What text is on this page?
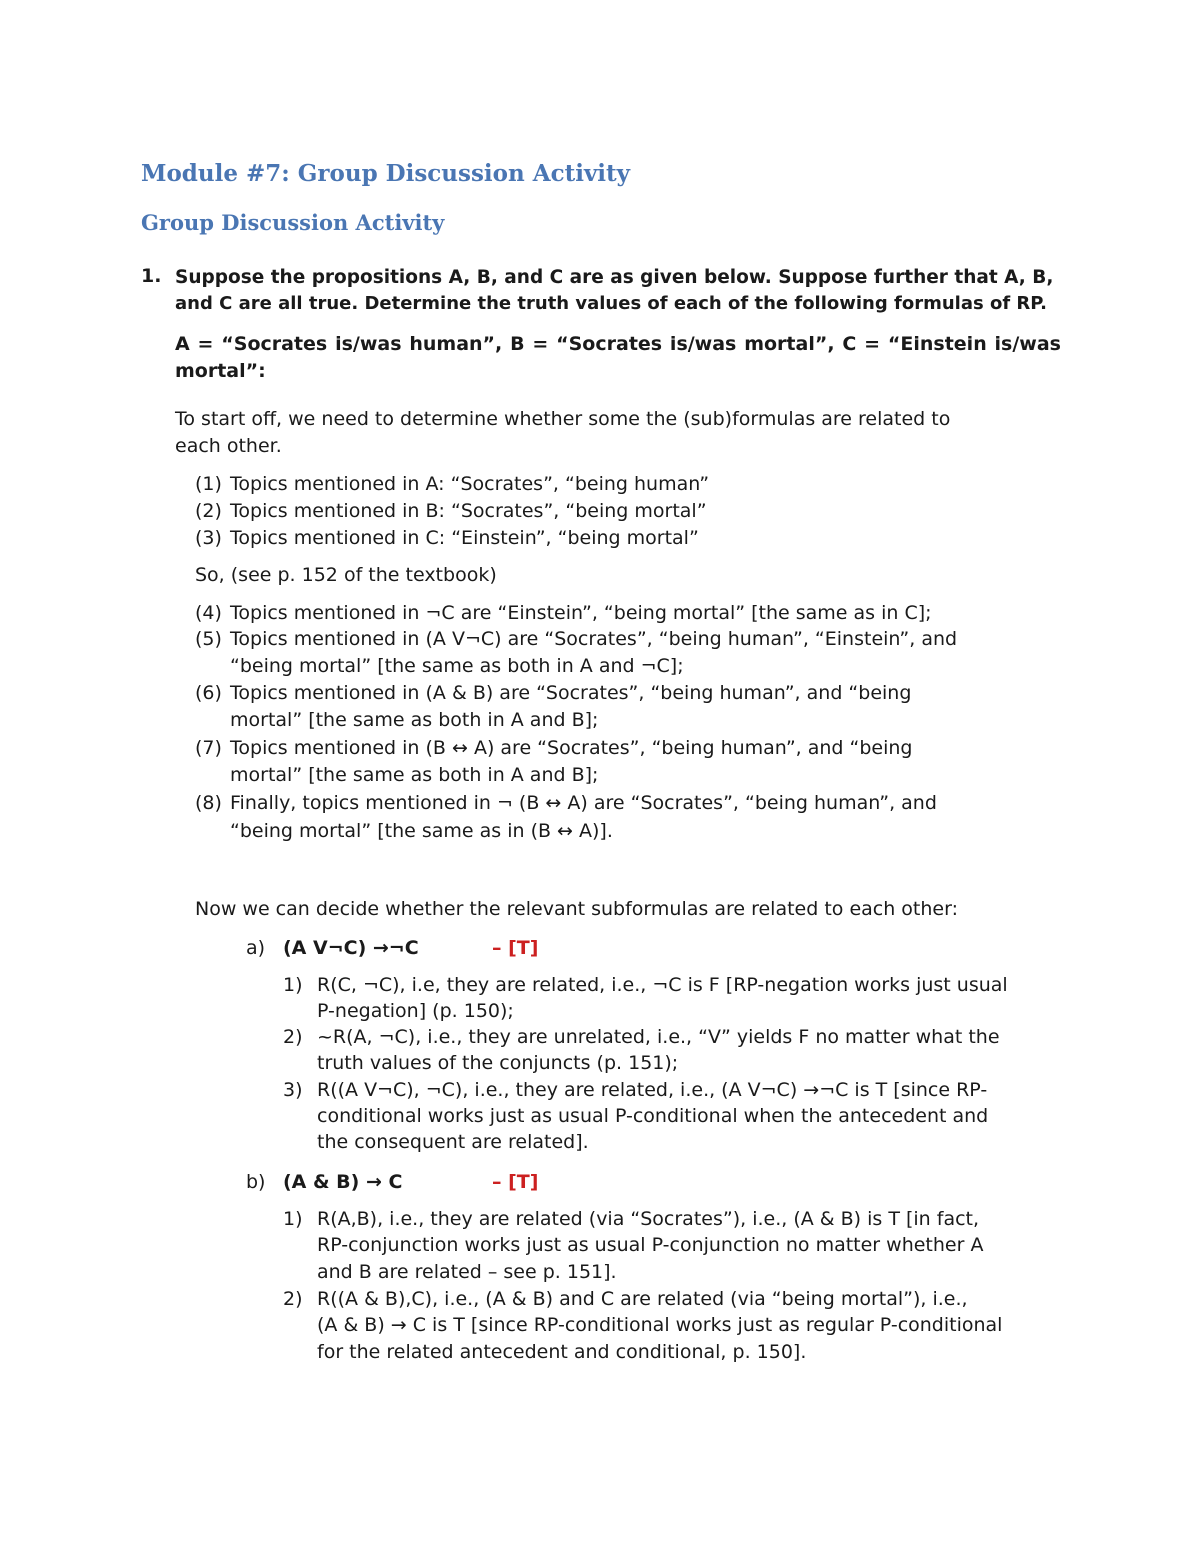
Module #7: Group Discussion Activity
Group Discussion Activity
1. Suppose the propositions A, B, and C are as given below. Suppose further that A, B,
and C are all true. Determine the truth values of each of the following formulas of RP.
A = “Socrates is/was human”, B = “Socrates is/was mortal”, C = “Einstein is/was
mortal”:
To start off, we need to determine whether some the (sub)formulas are related to
each other.
(1) Topics mentioned in A: “Socrates”, “being human”
(2) Topics mentioned in B: “Socrates”, “being mortal”
(3) Topics mentioned in C: “Einstein”, “being mortal”
So, (see p. 152 of the textbook)
(4) Topics mentioned in ¬C are “Einstein”, “being mortal” [the same as in C];
(5) Topics mentioned in (A V¬C) are “Socrates”, “being human”, “Einstein”, and
“being mortal” [the same as both in A and ¬C];
(6) Topics mentioned in (A & B) are “Socrates”, “being human”, and “being
mortal” [the same as both in A and B];
(7) Topics mentioned in (B ↔ A) are “Socrates”, “being human”, and “being
mortal” [the same as both in A and B];
(8) Finally, topics mentioned in ¬ (B ↔ A) are “Socrates”, “being human”, and
“being mortal” [the same as in (B ↔ A)].
Now we can decide whether the relevant subformulas are related to each other:
a) (A V¬C) →¬C	– [T]
1) R(C, ¬C), i.e, they are related, i.e., ¬C is F [RP-negation works just usual
P-negation] (p. 150);
2) ~R(A, ¬C), i.e., they are unrelated, i.e., “V” yields F no matter what the
truth values of the conjuncts (p. 151);
3) R((A V¬C), ¬C), i.e., they are related, i.e., (A V¬C) →¬C is T [since RP-
conditional works just as usual P-conditional when the antecedent and
the consequent are related].
b) (A & B) → C	– [T]
1) R(A,B), i.e., they are related (via “Socrates”), i.e., (A & B) is T [in fact,
RP-conjunction works just as usual P-conjunction no matter whether A
and B are related – see p. 151].
2) R((A & B),C), i.e., (A & B) and C are related (via “being mortal”), i.e.,
(A & B) → C is T [since RP-conditional works just as regular P-conditional
for the related antecedent and conditional, p. 150].
